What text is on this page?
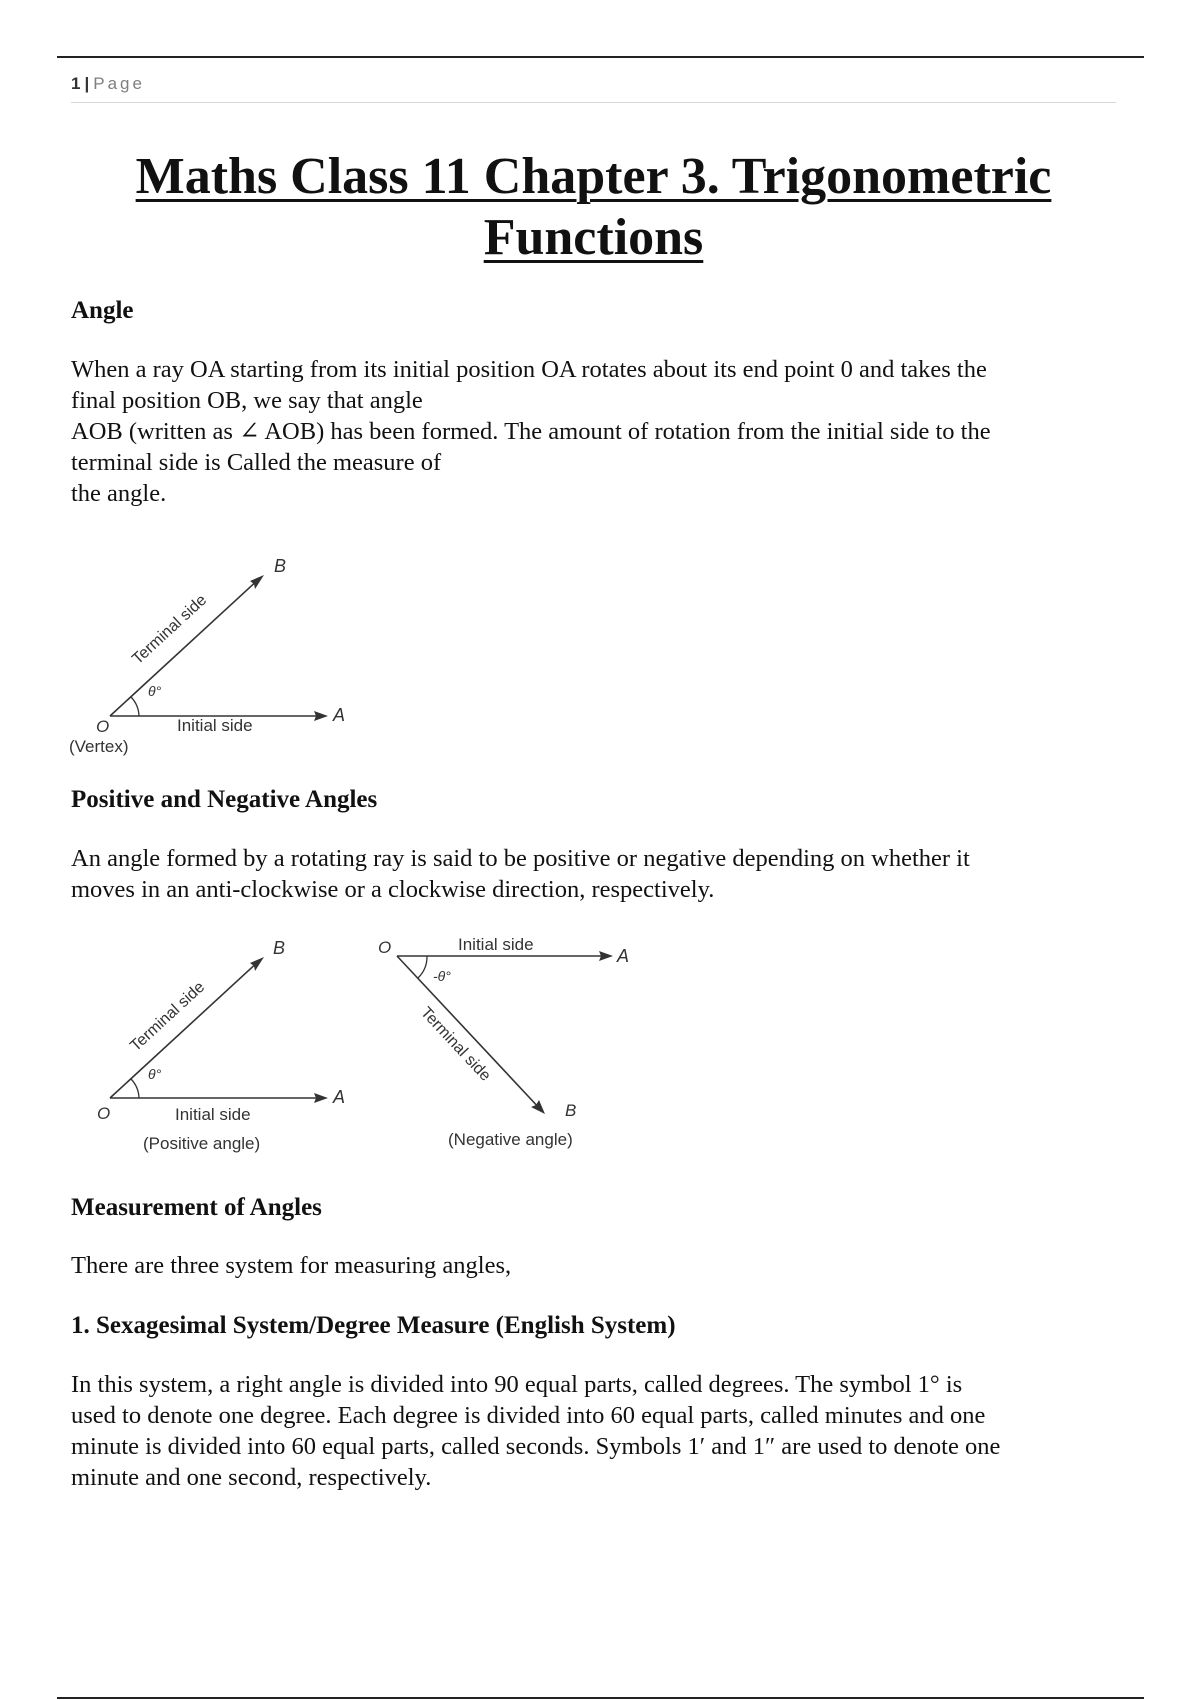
1 | Page
Maths Class 11 Chapter 3. Trigonometric
Functions
Angle
When a ray OA starting from its initial position OA rotates about its end point 0 and takes the
final position OB, we say that angle
AOB (written as ∠ AOB) has been formed. The amount of rotation from the initial side to the
terminal side is Called the measure of
the angle.
θ°
O
A
B
Initial side
Terminal side
(Vertex)
Positive and Negative Angles
An angle formed by a rotating ray is said to be positive or negative depending on whether it
moves in an anti-clockwise or a clockwise direction, respectively.
θ°
O
A
B
Initial side
Terminal side
(Positive angle)
-θ°
O	A
B
Initial side
Terminal side
(Negative angle)
Measurement of Angles

There are three system for measuring angles,

1. Sexagesimal System/Degree Measure (English System)
In this system, a right angle is divided into 90 equal parts, called degrees. The symbol 1° is
used to denote one degree. Each degree is divided into 60 equal parts, called minutes and one
minute is divided into 60 equal parts, called seconds. Symbols 1′ and 1″ are used to denote one
minute and one second, respectively.
